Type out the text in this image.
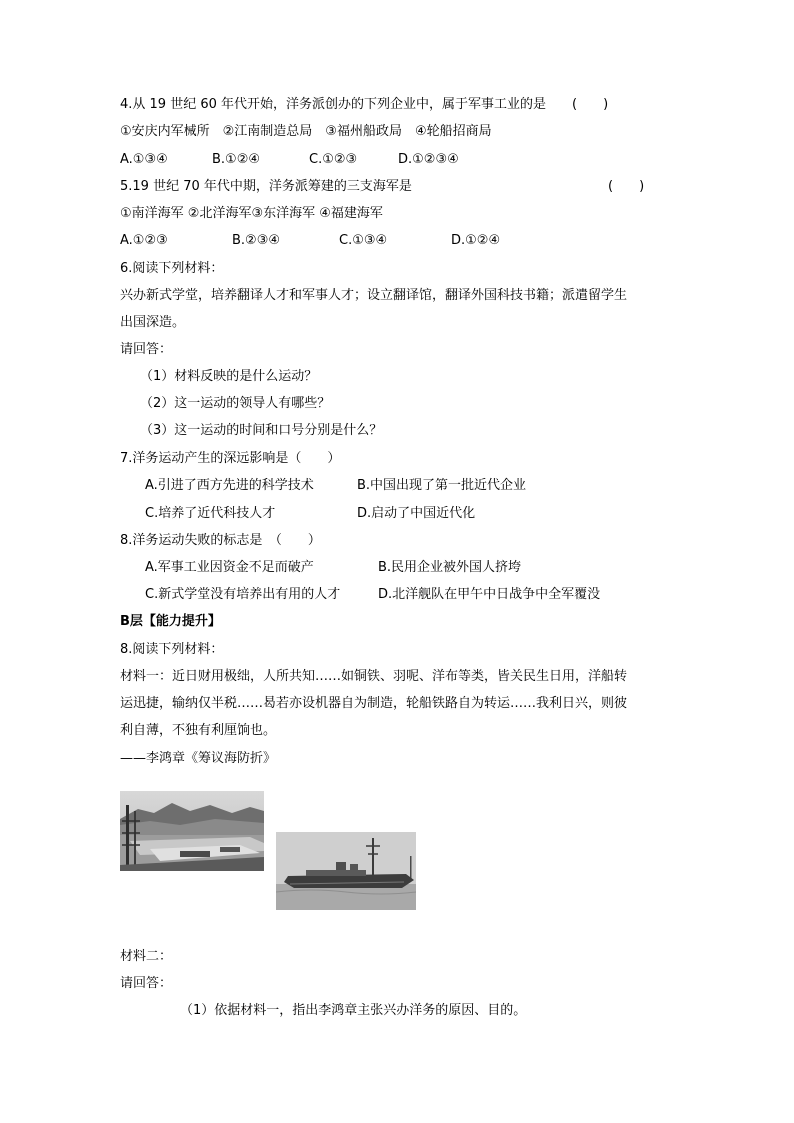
4.从 19 世纪 60 年代开始，洋务派创办的下列企业中，属于军事工业的是　　(　　)
①安庆内军械所　②江南制造总局　③福州船政局　④轮船招商局
A.①③④	B.①②④	C.①②③	D.①②③④
5.19 世纪 70 年代中期，洋务派筹建的三支海军是	(　　)
①南洋海军 ②北洋海军③东洋海军 ④福建海军
A.①②③	B.②③④	C.①③④	D.①②④
6.阅读下列材料：
兴办新式学堂，培养翻译人才和军事人才；设立翻译馆，翻译外国科技书籍；派遣留学生
出国深造。
请回答：
（1）材料反映的是什么运动？
（2）这一运动的领导人有哪些？
（3）这一运动的时间和口号分别是什么？
7.洋务运动产生的深远影响是（　　）
A.引进了西方先进的科学技术	B.中国出现了第一批近代企业
C.培养了近代科技人才	D.启动了中国近代化
8.洋务运动失败的标志是　（　　）
A.军事工业因资金不足而破产	B.民用企业被外国人挤垮
C.新式学堂没有培养出有用的人才	D.北洋舰队在甲午中日战争中全军覆没
B层【能力提升】
8.阅读下列材料：
材料一：近日财用极绌，人所共知……如铜铁、羽呢、洋布等类，皆关民生日用，洋船转
运迅捷，输纳仅半税……曷若亦设机器自为制造，轮船铁路自为转运……我利日兴，则彼
利自薄，不独有利厘饷也。
——李鸿章《筹议海防折》
材料二：
请回答：
（1）依据材料一，指出李鸿章主张兴办洋务的原因、目的。
